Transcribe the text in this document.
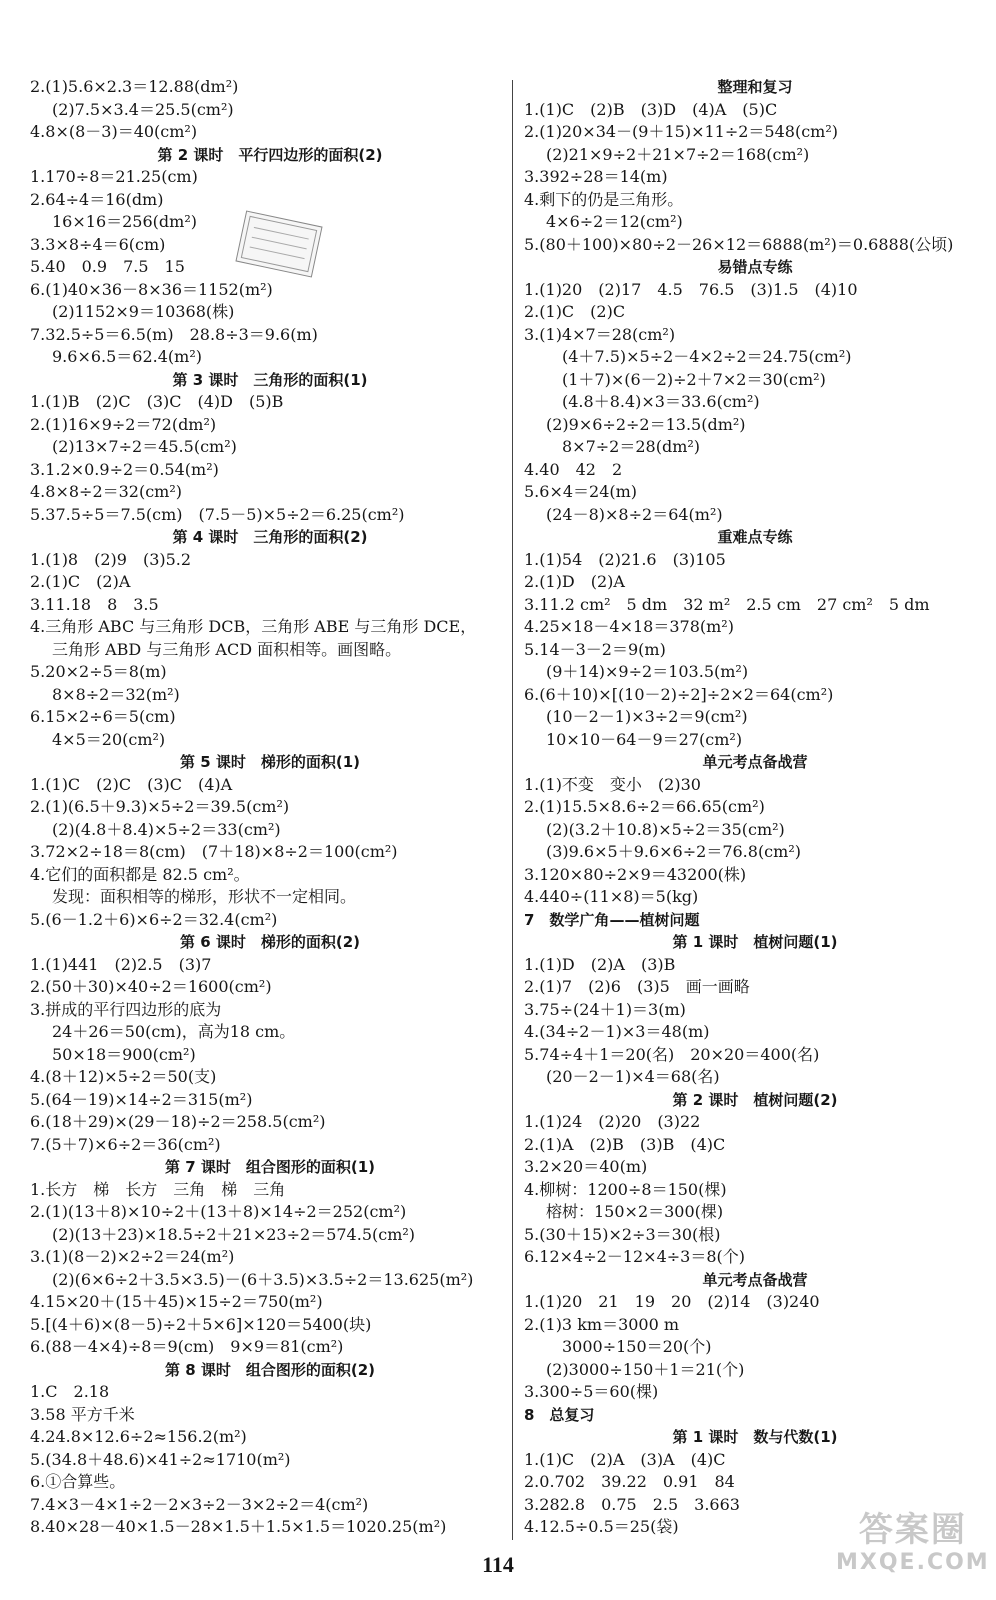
2.(1)5.6×2.3＝12.88(dm²)
(2)7.5×3.4＝25.5(cm²)
4.8×(8－3)＝40(cm²)
第 2 课时　平行四边形的面积(2)
1.170÷8＝21.25(cm)
2.64÷4＝16(dm)
16×16＝256(dm²)
3.3×8÷4＝6(cm)
5.40　0.9　7.5　15
6.(1)40×36－8×36＝1152(m²)
(2)1152×9＝10368(株)
7.32.5÷5＝6.5(m)　28.8÷3＝9.6(m)
9.6×6.5＝62.4(m²)
第 3 课时　三角形的面积(1)
1.(1)B　(2)C　(3)C　(4)D　(5)B
2.(1)16×9÷2＝72(dm²)
(2)13×7÷2＝45.5(cm²)
3.1.2×0.9÷2＝0.54(m²)
4.8×8÷2＝32(cm²)
5.37.5÷5＝7.5(cm)　(7.5－5)×5÷2＝6.25(cm²)
第 4 课时　三角形的面积(2)
1.(1)8　(2)9　(3)5.2
2.(1)C　(2)A
3.11.18　8　3.5
4.三角形 ABC 与三角形 DCB，三角形 ABE 与三角形 DCE，
三角形 ABD 与三角形 ACD 面积相等。画图略。
5.20×2÷5＝8(m)
8×8÷2＝32(m²)
6.15×2÷6＝5(cm)
4×5＝20(cm²)
第 5 课时　梯形的面积(1)
1.(1)C　(2)C　(3)C　(4)A
2.(1)(6.5＋9.3)×5÷2＝39.5(cm²)
(2)(4.8＋8.4)×5÷2＝33(cm²)
3.72×2÷18＝8(cm)　(7＋18)×8÷2＝100(cm²)
4.它们的面积都是 82.5 cm²。
发现：面积相等的梯形，形状不一定相同。
5.(6－1.2＋6)×6÷2＝32.4(cm²)
第 6 课时　梯形的面积(2)
1.(1)441　(2)2.5　(3)7
2.(50＋30)×40÷2＝1600(cm²)
3.拼成的平行四边形的底为
24＋26＝50(cm)，高为18 cm。
50×18＝900(cm²)
4.(8＋12)×5÷2＝50(支)
5.(64－19)×14÷2＝315(m²)
6.(18＋29)×(29－18)÷2＝258.5(cm²)
7.(5＋7)×6÷2＝36(cm²)
第 7 课时　组合图形的面积(1)
1.长方　梯　长方　三角　梯　三角
2.(1)(13＋8)×10÷2＋(13＋8)×14÷2＝252(cm²)
(2)(13＋23)×18.5÷2＋21×23÷2＝574.5(cm²)
3.(1)(8－2)×2÷2＝24(m²)
(2)(6×6÷2＋3.5×3.5)－(6＋3.5)×3.5÷2＝13.625(m²)
4.15×20＋(15＋45)×15÷2＝750(m²)
5.[(4＋6)×(8－5)÷2＋5×6]×120＝5400(块)
6.(88－4×4)÷8＝9(cm)　9×9＝81(cm²)
第 8 课时　组合图形的面积(2)
1.C　2.18
3.58 平方千米
4.24.8×12.6÷2≈156.2(m²)
5.(34.8＋48.6)×41÷2≈1710(m²)
6.①合算些。
7.4×3－4×1÷2－2×3÷2－3×2÷2＝4(cm²)
8.40×28－40×1.5－28×1.5＋1.5×1.5＝1020.25(m²)
整理和复习
1.(1)C　(2)B　(3)D　(4)A　(5)C
2.(1)20×34－(9＋15)×11÷2＝548(cm²)
(2)21×9÷2＋21×7÷2＝168(cm²)
3.392÷28＝14(m)
4.剩下的仍是三角形。
4×6÷2＝12(cm²)
5.(80＋100)×80÷2－26×12＝6888(m²)＝0.6888(公顷)
易错点专练
1.(1)20　(2)17　4.5　76.5　(3)1.5　(4)10
2.(1)C　(2)C
3.(1)4×7＝28(cm²)
(4＋7.5)×5÷2－4×2÷2＝24.75(cm²)
(1＋7)×(6－2)÷2＋7×2＝30(cm²)
(4.8＋8.4)×3＝33.6(cm²)
(2)9×6÷2÷2＝13.5(dm²)
8×7÷2＝28(dm²)
4.40　42　2
5.6×4＝24(m)
(24－8)×8÷2＝64(m²)
重难点专练
1.(1)54　(2)21.6　(3)105
2.(1)D　(2)A
3.11.2 cm²　5 dm　32 m²　2.5 cm　27 cm²　5 dm
4.25×18－4×18＝378(m²)
5.14－3－2＝9(m)
(9＋14)×9÷2＝103.5(m²)
6.(6＋10)×[(10－2)÷2]÷2×2＝64(cm²)
(10－2－1)×3÷2＝9(cm²)
10×10－64－9＝27(cm²)
单元考点备战营
1.(1)不变　变小　(2)30
2.(1)15.5×8.6÷2＝66.65(cm²)
(2)(3.2＋10.8)×5÷2＝35(cm²)
(3)9.6×5＋9.6×6÷2＝76.8(cm²)
3.120×80÷2×9＝43200(株)
4.440÷(11×8)＝5(kg)
7　数学广角——植树问题
第 1 课时　植树问题(1)
1.(1)D　(2)A　(3)B
2.(1)7　(2)6　(3)5　画一画略
3.75÷(24＋1)＝3(m)
4.(34÷2－1)×3＝48(m)
5.74÷4＋1＝20(名)　20×20＝400(名)
(20－2－1)×4＝68(名)
第 2 课时　植树问题(2)
1.(1)24　(2)20　(3)22
2.(1)A　(2)B　(3)B　(4)C
3.2×20＝40(m)
4.柳树：1200÷8＝150(棵)
榕树：150×2＝300(棵)
5.(30＋15)×2÷3＝30(根)
6.12×4÷2－12×4÷3＝8(个)
单元考点备战营
1.(1)20　21　19　20　(2)14　(3)240
2.(1)3 km＝3000 m
3000÷150＝20(个)
(2)3000÷150＋1＝21(个)
3.300÷5＝60(棵)
8　总复习
第 1 课时　数与代数(1)
1.(1)C　(2)A　(3)A　(4)C
2.0.702　39.22　0.91　84
3.282.8　0.75　2.5　3.663
4.12.5÷0.5＝25(袋)
114
答案圈
MXQE.COM
